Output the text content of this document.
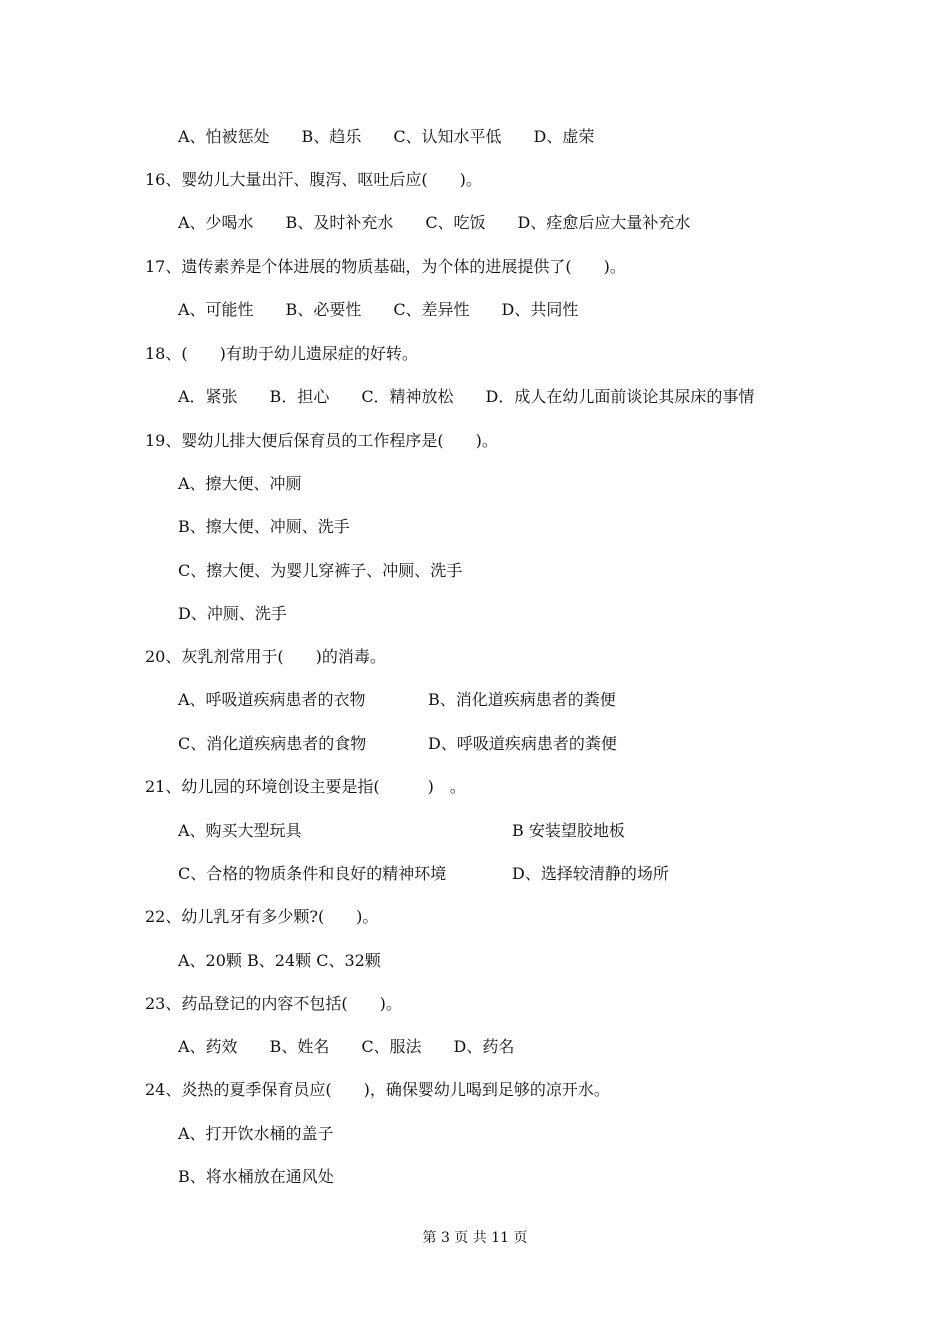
A、怕被惩处　　B、趋乐　　C、认知水平低　　D、虚荣
16、婴幼儿大量出汗、腹泻、呕吐后应(　　)。
A、少喝水　　B、及时补充水　　C、吃饭　　D、痊愈后应大量补充水
17、遗传素养是个体进展的物质基础，为个体的进展提供了(　　)。
A、可能性　　B、必要性　　C、差异性　　D、共同性
18、(　　)有助于幼儿遗尿症的好转。
A．紧张　　B．担心　　C．精神放松　　D．成人在幼儿面前谈论其尿床的事情
19、婴幼儿排大便后保育员的工作程序是(　　)。
A、擦大便、冲厕
B、擦大便、冲厕、洗手
C、擦大便、为婴儿穿裤子、冲厕、洗手
D、冲厕、洗手
20、灰乳剂常用于(　　)的消毒。
A、呼吸道疾病患者的衣物	B、消化道疾病患者的粪便
C、消化道疾病患者的食物	D、呼吸道疾病患者的粪便
21、幼儿园的环境创设主要是指(　　　)　。
A、购买大型玩具	B 安装望胶地板
C、合格的物质条件和良好的精神环境	D、选择较清静的场所
22、幼儿乳牙有多少颗?(　　)。
A、20颗 B、24颗 C、32颗
23、药品登记的内容不包括(　　)。
A、药效　　B、姓名　　C、服法　　D、药名
24、炎热的夏季保育员应(　　)，确保婴幼儿喝到足够的凉开水。
A、打开饮水桶的盖子
B、将水桶放在通风处
第 3 页 共 11 页
